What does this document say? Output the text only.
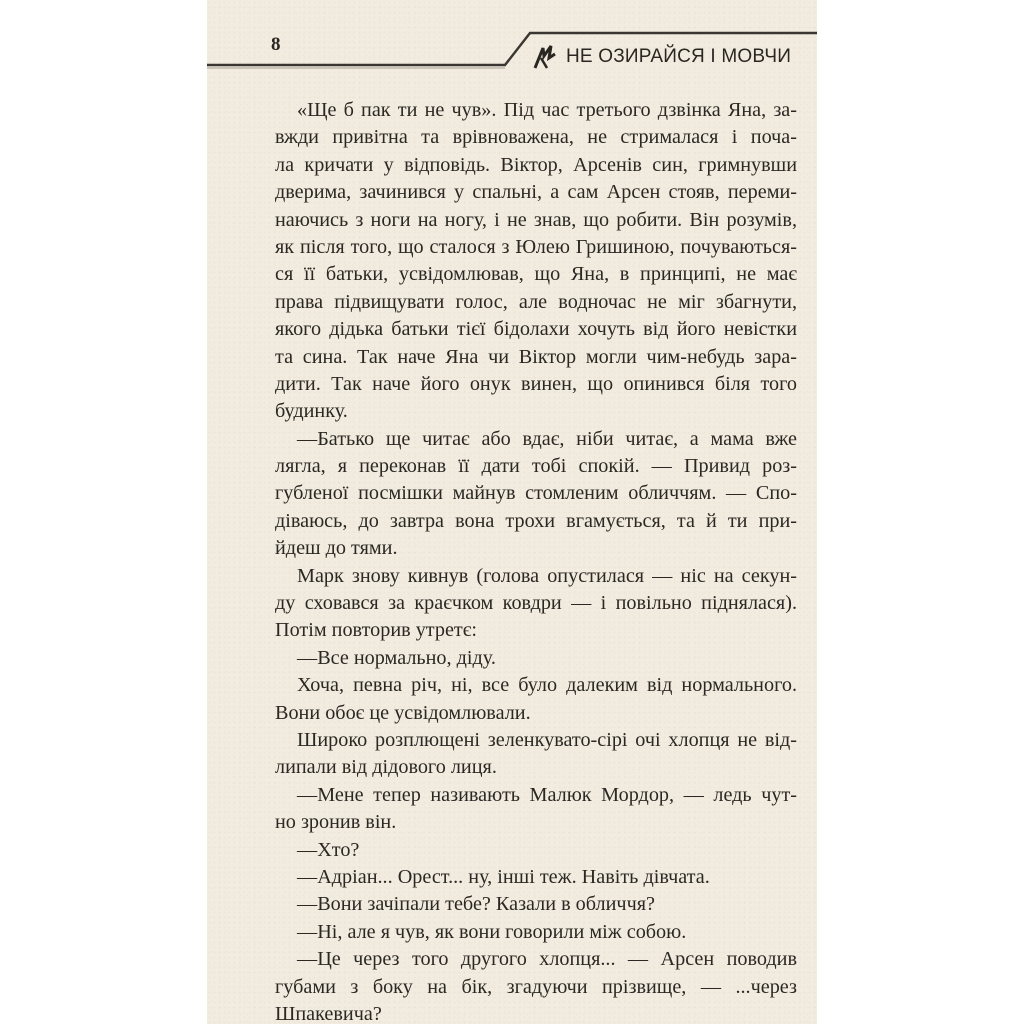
8
НЕ ОЗИРАЙСЯ І МОВЧИ
«Ще б пак ти не чув». Під час третього дзвінка Яна, за-
вжди привітна та врівноважена, не стрималася і поча-
ла кричати у відповідь. Віктор, Арсенів син, гримнувши
дверима, зачинився у спальні, а сам Арсен стояв, переми-
наючись з ноги на ногу, і не знав, що робити. Він розумів,
як після того, що сталося з Юлею Гришиною, почуваються-
ся її батьки, усвідомлював, що Яна, в принципі, не має
права підвищувати голос, але водночас не міг збагнути,
якого дідька батьки тієї бідолахи хочуть від його невістки
та сина. Так наче Яна чи Віктор могли чим-небудь зара-
дити. Так наче його онук винен, що опинився біля того
будинку.
—Батько ще читає або вдає, ніби читає, а мама вже
лягла, я переконав її дати тобі спокій. — Привид роз-
губленої посмішки майнув стомленим обличчям. — Спо-
діваюсь, до завтра вона трохи вгамується, та й ти при-
йдеш до тями.
Марк знову кивнув (голова опустилася — ніс на секун-
ду сховався за краєчком ковдри — і повільно піднялася).
Потім повторив утретє:
—Все нормально, діду.
Хоча, певна річ, ні, все було далеким від нормального.
Вони обоє це усвідомлювали.
Широко розплющені зеленкувато-сірі очі хлопця не від-
липали від дідового лиця.
—Мене тепер називають Малюк Мордор, — ледь чут-
но зронив він.
—Хто?
—Адріан... Орест... ну, інші теж. Навіть дівчата.
—Вони зачіпали тебе? Казали в обличчя?
—Ні, але я чув, як вони говорили між собою.
—Це через того другого хлопця... — Арсен поводив
губами з боку на бік, згадуючи прізвище, — ...через
Шпакевича?
